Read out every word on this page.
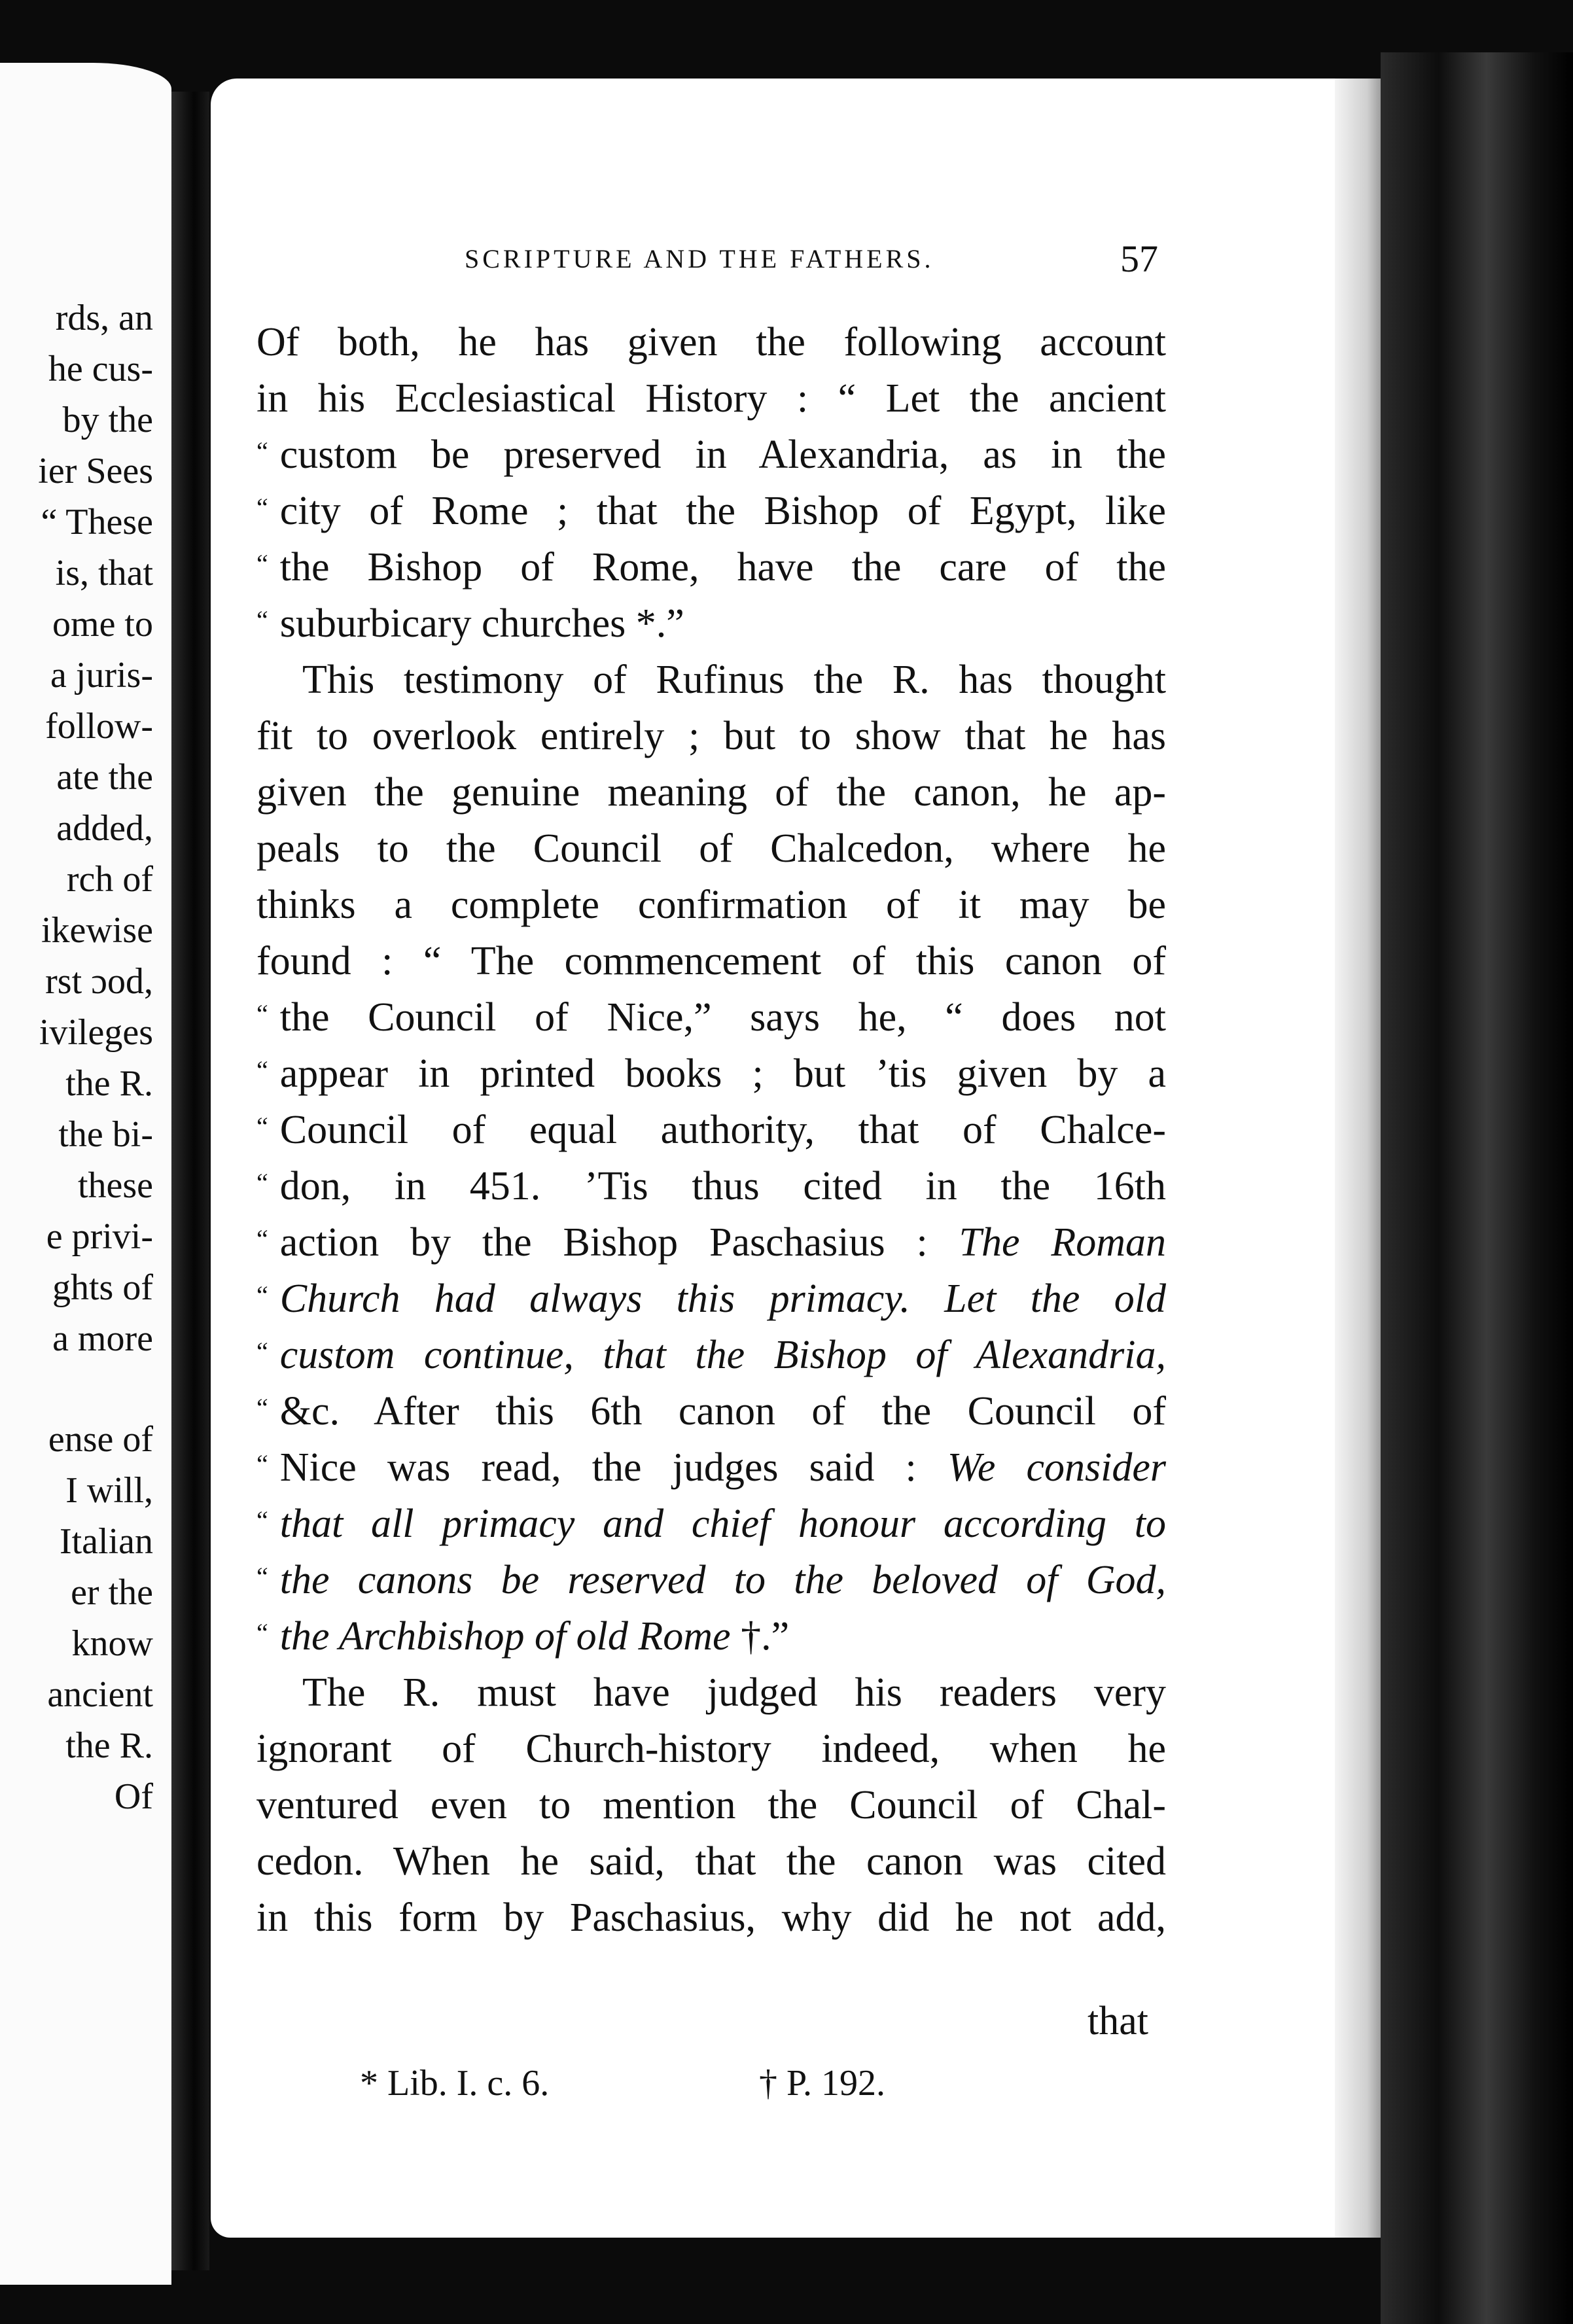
rds, an
he cus-
by the
ier Sees
“ These
is, that
ome to
a juris-
follow-
ate the
added,
rch of
ikewise
rst ɔod,
ivileges
the R.
the bi-
these
e privi-
ghts of
a more
ense of
I will,
Italian
er the
know
ancient
the R.
Of
SCRIPTURE AND THE FATHERS.	57
Of both, he has given the following account
in his Ecclesiastical History : “ Let the ancient
“ custom be preserved in Alexandria, as in the
“ city of Rome ; that the Bishop of Egypt, like
“ the Bishop of Rome, have the care of the
“ suburbicary churches *.”
This testimony of Rufinus the R. has thought
fit to overlook entirely ; but to show that he has
given the genuine meaning of the canon, he ap-
peals to the Council of Chalcedon, where he
thinks a complete confirmation of it may be
found : “ The commencement of this canon of
“ the Council of Nice,” says he, “ does not
“ appear in printed books ; but ’tis given by a
“ Council of equal authority, that of Chalce-
“ don, in 451. ’Tis thus cited in the 16th
“ action by the Bishop Paschasius : The Roman
“ Church had always this primacy. Let the old
“ custom continue, that the Bishop of Alexandria,
“ &c. After this 6th canon of the Council of
“ Nice was read, the judges said : We consider
“ that all primacy and chief honour according to
“ the canons be reserved to the beloved of God,
“ the Archbishop of old Rome †.”
The R. must have judged his readers very
ignorant of Church-history indeed, when he
ventured even to mention the Council of Chal-
cedon. When he said, that the canon was cited
in this form by Paschasius, why did he not add,
that
* Lib. I. c. 6.	† P. 192.
